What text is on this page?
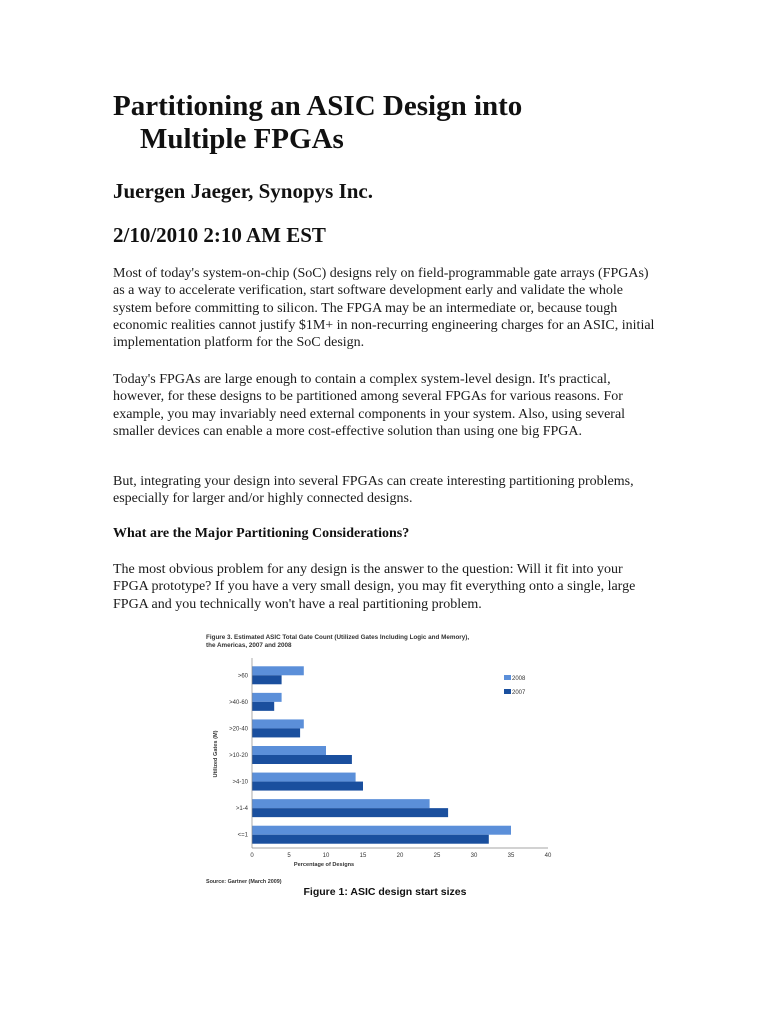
Partitioning an ASIC Design into
Multiple FPGAs
Juergen Jaeger, Synopys Inc.
2/10/2010 2:10 AM EST

Most of today's system-on-chip (SoC) designs rely on field-programmable gate arrays (FPGAs) as a way to accelerate verification, start software development early and validate the whole system before committing to silicon. The FPGA may be an intermediate or, because tough economic realities cannot justify $1M+ in non-recurring engineering charges for an ASIC, initial implementation platform for the SoC design.

Today's FPGAs are large enough to contain a complex system-level design. It's practical, however, for these designs to be partitioned among several FPGAs for various reasons. For example, you may invariably need external components in your system. Also, using several smaller devices can enable a more cost-effective solution than using one big FPGA.

But, integrating your design into several FPGAs can create interesting partitioning problems, especially for larger and/or highly connected designs.

What are the Major Partitioning Considerations?

The most obvious problem for any design is the answer to the question: Will it fit into your FPGA prototype? If you have a very small design, you may fit everything onto a single, large FPGA and you technically won't have a real partitioning problem.

Figure 3. Estimated ASIC Total Gate Count (Utilized Gates Including Logic and Memory),
the Americas, 2007 and 2008
>60
>40-60
>20-40
>10-20
>4-10
>1-4
<=1
0	5	10	15	20	25	30	35	40
Percentage of Designs
Utilized Gates (M)
2008
2007
Source: Gartner (March 2009)
Figure 1: ASIC design start sizes
